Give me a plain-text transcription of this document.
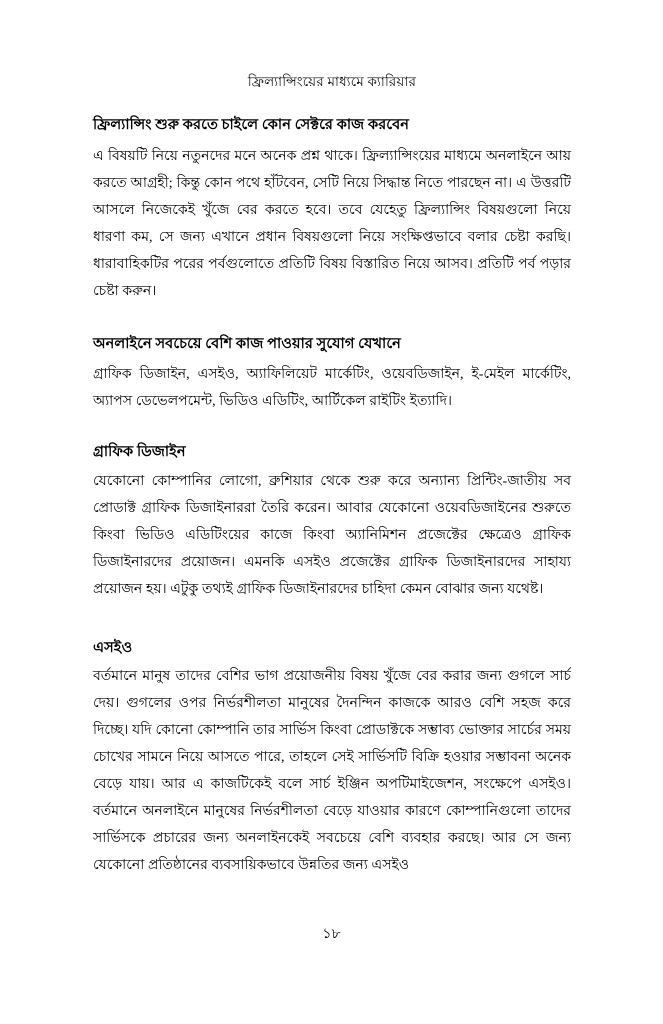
ফ্রিল্যান্সিংয়ের মাধ্যমে ক্যারিয়ার
ফ্রিল্যান্সিং শুরু করতে চাইলে কোন সেক্টরে কাজ করবেন

এ বিষয়টি নিয়ে নতুনদের মনে অনেক প্রশ্ন থাকে। ফ্রিল্যান্সিংয়ের মাধ্যমে অনলাইনে আয় করতে আগ্রহী; কিন্তু কোন পথে হাঁটবেন, সেটি নিয়ে সিদ্ধান্ত নিতে পারছেন না। এ উত্তরটি আসলে নিজেকেই খুঁজে বের করতে হবে। তবে যেহেতু ফ্রিল্যান্সিং বিষয়গুলো নিয়ে ধারণা কম, সে জন্য এখানে প্রধান বিষয়গুলো নিয়ে সংক্ষিপ্তভাবে বলার চেষ্টা করছি। ধারাবাহিকটির পরের পর্বগুলোতে প্রতিটি বিষয় বিস্তারিত নিয়ে আসব। প্রতিটি পর্ব পড়ার চেষ্টা করুন।

অনলাইনে সবচেয়ে বেশি কাজ পাওয়ার সুযোগ যেখানে

গ্রাফিক ডিজাইন, এসইও, অ্যাফিলিয়েট মার্কেটিং, ওয়েবডিজাইন, ই-মেইল মার্কেটিং, অ্যাপস ডেভেলপমেন্ট, ভিডিও এডিটিং, আর্টিকেল রাইটিং ইত্যাদি।

গ্রাফিক ডিজাইন

যেকোনো কোম্পানির লোগো, ব্রুশিয়ার থেকে শুরু করে অন্যান্য প্রিন্টিং-জাতীয় সব প্রোডাক্ট গ্রাফিক ডিজাইনাররা তৈরি করেন। আবার যেকোনো ওয়েবডিজাইনের শুরুতে কিংবা ভিডিও এডিটিংয়ের কাজে কিংবা অ্যানিমিশন প্রজেক্টের ক্ষেত্রেও গ্রাফিক ডিজাইনারদের প্রয়োজন। এমনকি এসইও প্রজেক্টের গ্রাফিক ডিজাইনারদের সাহায্য প্রয়োজন হয়। এটুকু তথ্যই গ্রাফিক ডিজাইনারদের চাহিদা কেমন বোঝার জন্য যথেষ্ট।

এসইও

বর্তমানে মানুষ তাদের বেশির ভাগ প্রয়োজনীয় বিষয় খুঁজে বের করার জন্য গুগলে সার্চ দেয়। গুগলের ওপর নির্ভরশীলতা মানুষের দৈনন্দিন কাজকে আরও বেশি সহজ করে দিচ্ছে। যদি কোনো কোম্পানি তার সার্ভিস কিংবা প্রোডাক্টকে সম্ভাব্য ভোক্তার সার্চের সময় চোখের সামনে নিয়ে আসতে পারে, তাহলে সেই সার্ভিসটি বিক্রি হওয়ার সম্ভাবনা অনেক বেড়ে যায়। আর এ কাজটিকেই বলে সার্চ ইঞ্জিন অপটিমাইজেশন, সংক্ষেপে এসইও। বর্তমানে অনলাইনে মানুষের নির্ভরশীলতা বেড়ে যাওয়ার কারণে কোম্পানিগুলো তাদের সার্ভিসকে প্রচারের জন্য অনলাইনকেই সবচেয়ে বেশি ব্যবহার করছে। আর সে জন্য যেকোনো প্রতিষ্ঠানের ব্যবসায়িকভাবে উন্নতির জন্য এসইও

১৮
